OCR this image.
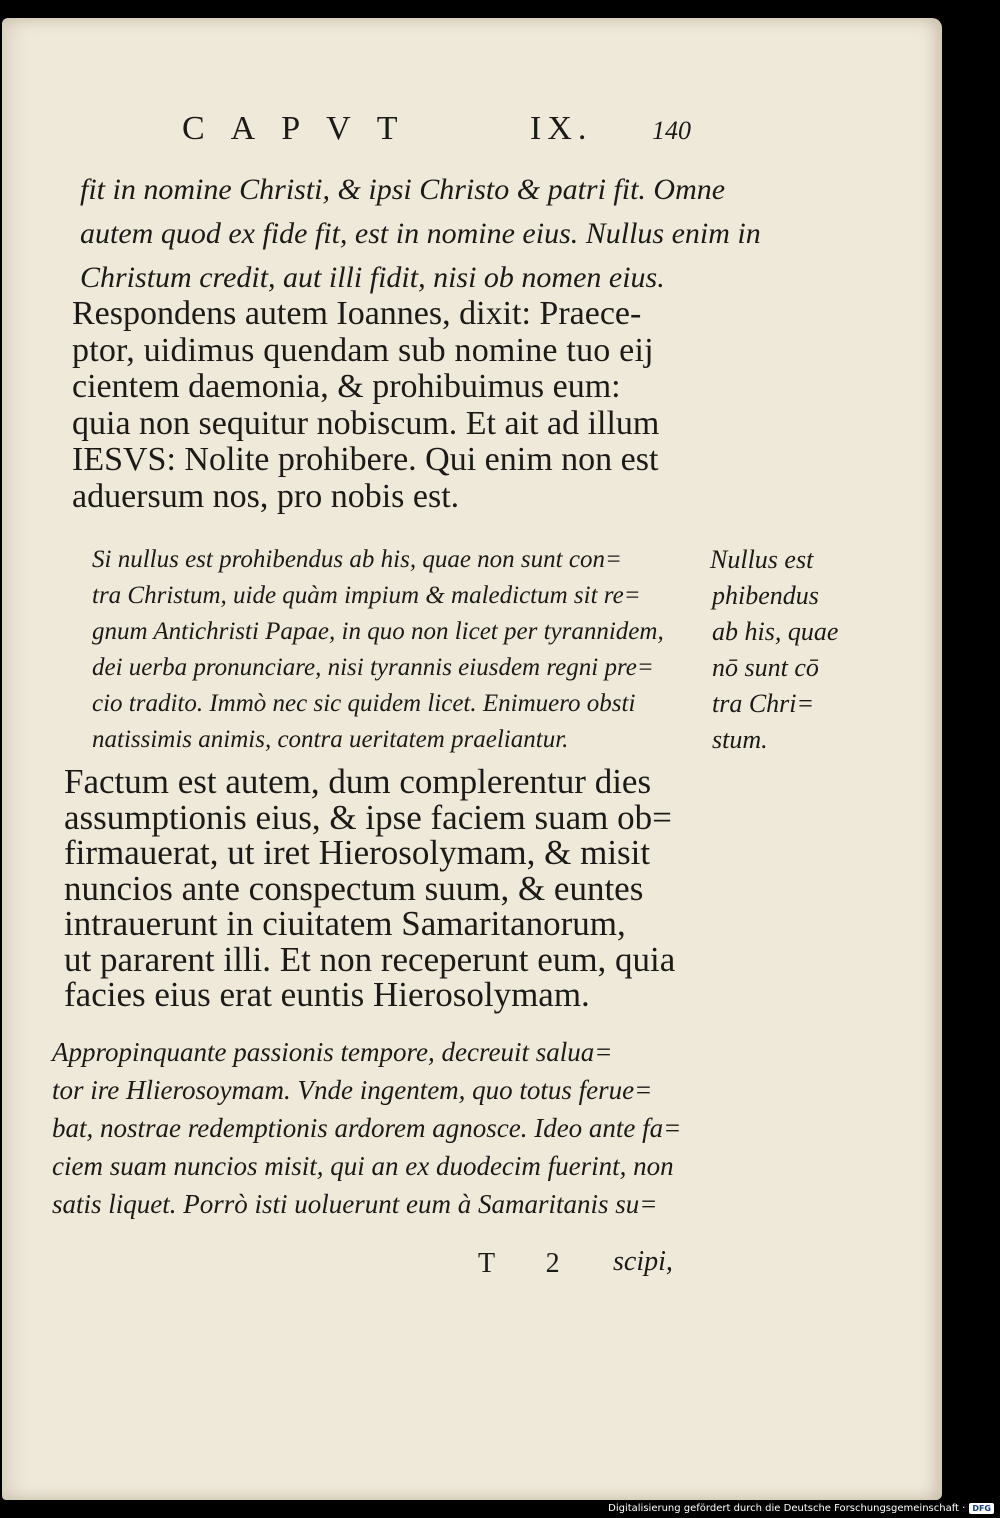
CAPVT	IX. 140
fit in nomine Christi, & ipsi Christo & patri fit. Omne
autem quod ex fide fit, est in nomine eius. Nullus enim in
Christum credit, aut illi fidit, nisi ob nomen eius.
Respondens autem Ioannes, dixit: Praece-
ptor, uidimus quendam sub nomine tuo eij
cientem daemonia, & prohibuimus eum:
quia non sequitur nobiscum. Et ait ad illum
IESVS: Nolite prohibere. Qui enim non est
aduersum nos, pro nobis est.
Si nullus est prohibendus ab his, quae non sunt con=
tra Christum, uide quàm impium & maledictum sit re=
gnum Antichristi Papae, in quo non licet per tyrannidem,
dei uerba pronunciare, nisi tyrannis eiusdem regni pre=
cio tradito. Immò nec sic quidem licet. Enimuero obsti
natissimis animis, contra ueritatem praeliantur.
Nullus est
phibendus
ab his, quae
nō sunt cō
tra Chri=
stum.
Factum est autem, dum complerentur dies
assumptionis eius, & ipse faciem suam ob=
firmauerat, ut iret Hierosolymam, & misit
nuncios ante conspectum suum, & euntes
intrauerunt in ciuitatem Samaritanorum,
ut pararent illi. Et non receperunt eum, quia
facies eius erat euntis Hierosolymam.
Appropinquante passionis tempore, decreuit salua=
tor ire Hlierosoymam. Vnde ingentem, quo totus ferue=
bat, nostrae redemptionis ardorem agnosce. Ideo ante fa=
ciem suam nuncios misit, qui an ex duodecim fuerint, non
satis liquet. Porrò isti uoluerunt eum à Samaritanis su=
T 2 scipi,
Digitalisierung gefördert durch die Deutsche Forschungsgemeinschaft · DFG
